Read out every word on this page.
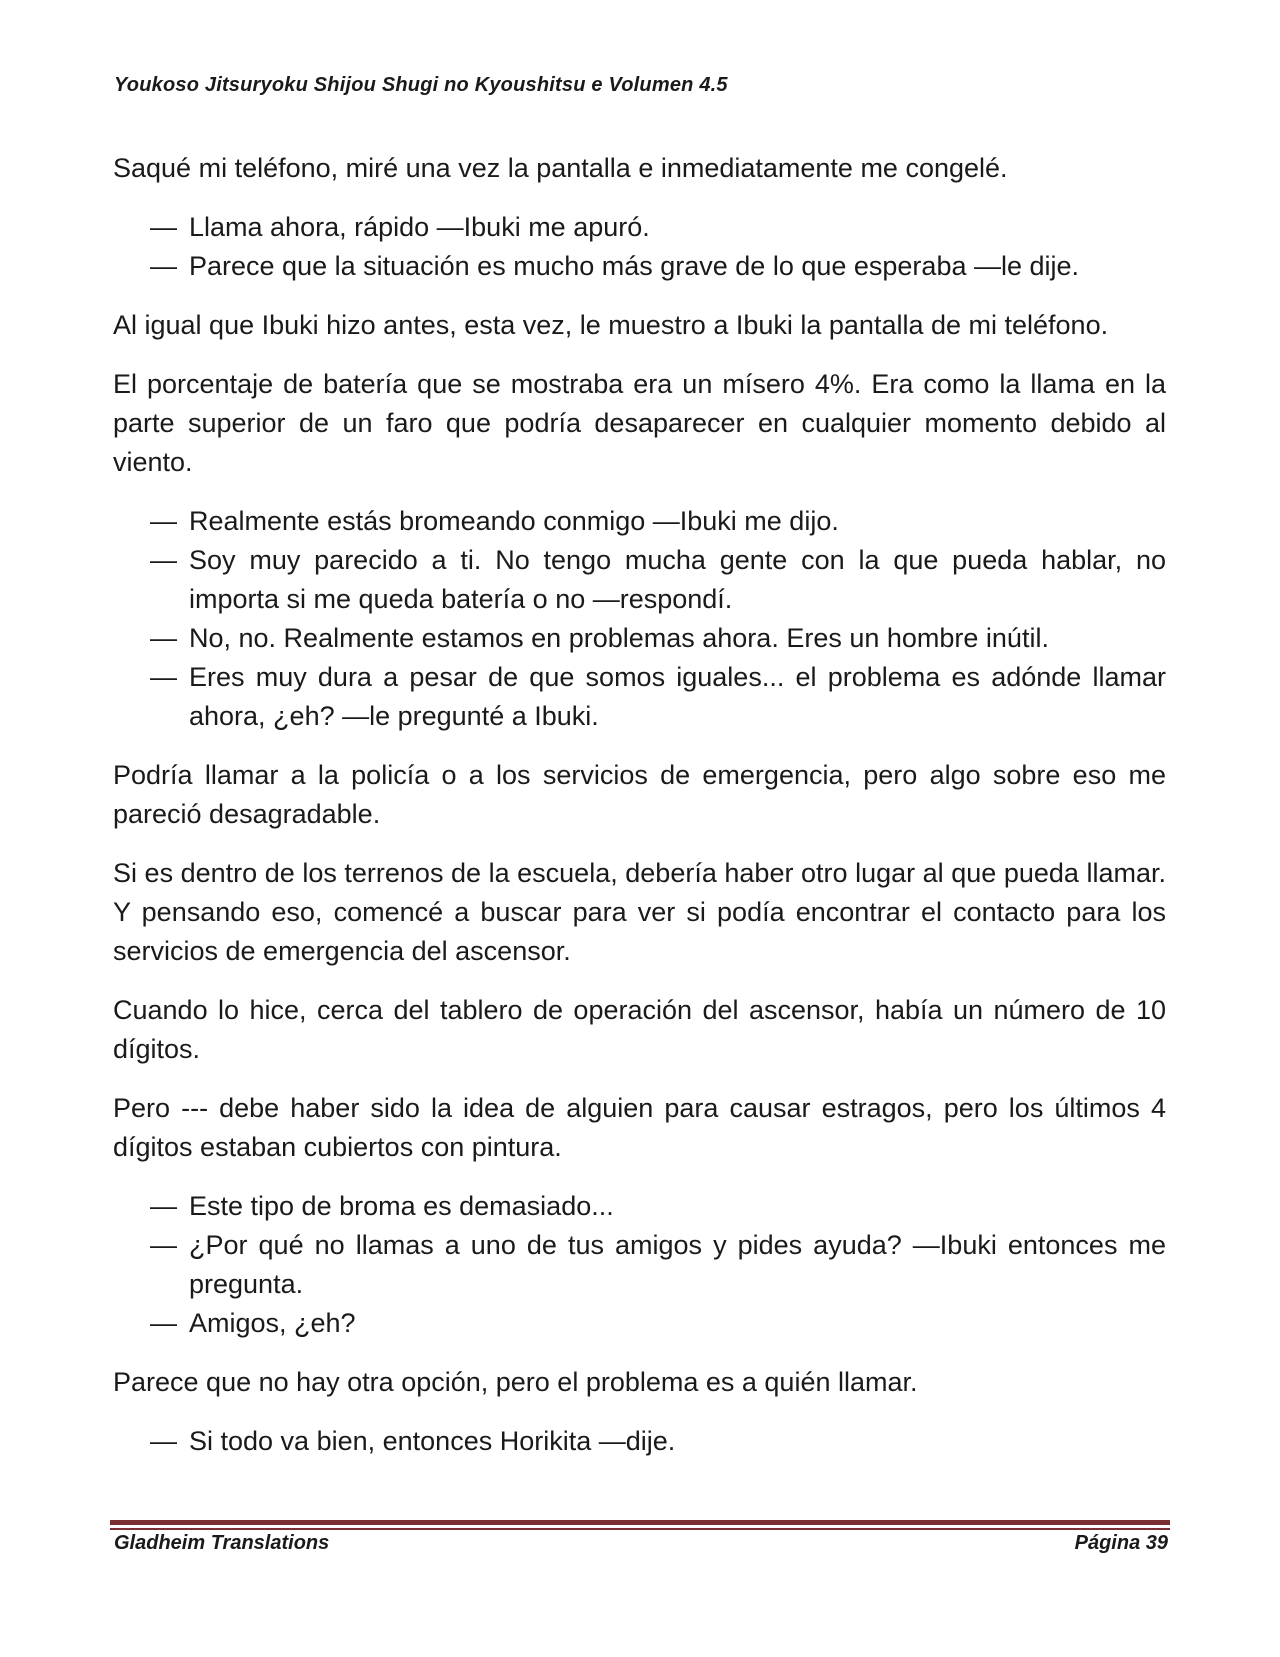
Youkoso Jitsuryoku Shijou Shugi no Kyoushitsu e Volumen 4.5

Saqué mi teléfono, miré una vez la pantalla e inmediatamente me congelé.

— Llama ahora, rápido —Ibuki me apuró.
— Parece que la situación es mucho más grave de lo que esperaba —le dije.

Al igual que Ibuki hizo antes, esta vez, le muestro a Ibuki la pantalla de mi teléfono.

El porcentaje de batería que se mostraba era un mísero 4%. Era como la llama en la parte superior de un faro que podría desaparecer en cualquier momento debido al viento.

— Realmente estás bromeando conmigo —Ibuki me dijo.
— Soy muy parecido a ti. No tengo mucha gente con la que pueda hablar, no importa si me queda batería o no —respondí.
— No, no. Realmente estamos en problemas ahora. Eres un hombre inútil.
— Eres muy dura a pesar de que somos iguales... el problema es adónde llamar ahora, ¿eh? —le pregunté a Ibuki.

Podría llamar a la policía o a los servicios de emergencia, pero algo sobre eso me pareció desagradable.

Si es dentro de los terrenos de la escuela, debería haber otro lugar al que pueda llamar. Y pensando eso, comencé a buscar para ver si podía encontrar el contacto para los servicios de emergencia del ascensor.

Cuando lo hice, cerca del tablero de operación del ascensor, había un número de 10 dígitos.

Pero --- debe haber sido la idea de alguien para causar estragos, pero los últimos 4 dígitos estaban cubiertos con pintura.

— Este tipo de broma es demasiado...
— ¿Por qué no llamas a uno de tus amigos y pides ayuda? —Ibuki entonces me pregunta.
— Amigos, ¿eh?

Parece que no hay otra opción, pero el problema es a quién llamar.

— Si todo va bien, entonces Horikita —dije.
Gladheim Translations	Página 39
